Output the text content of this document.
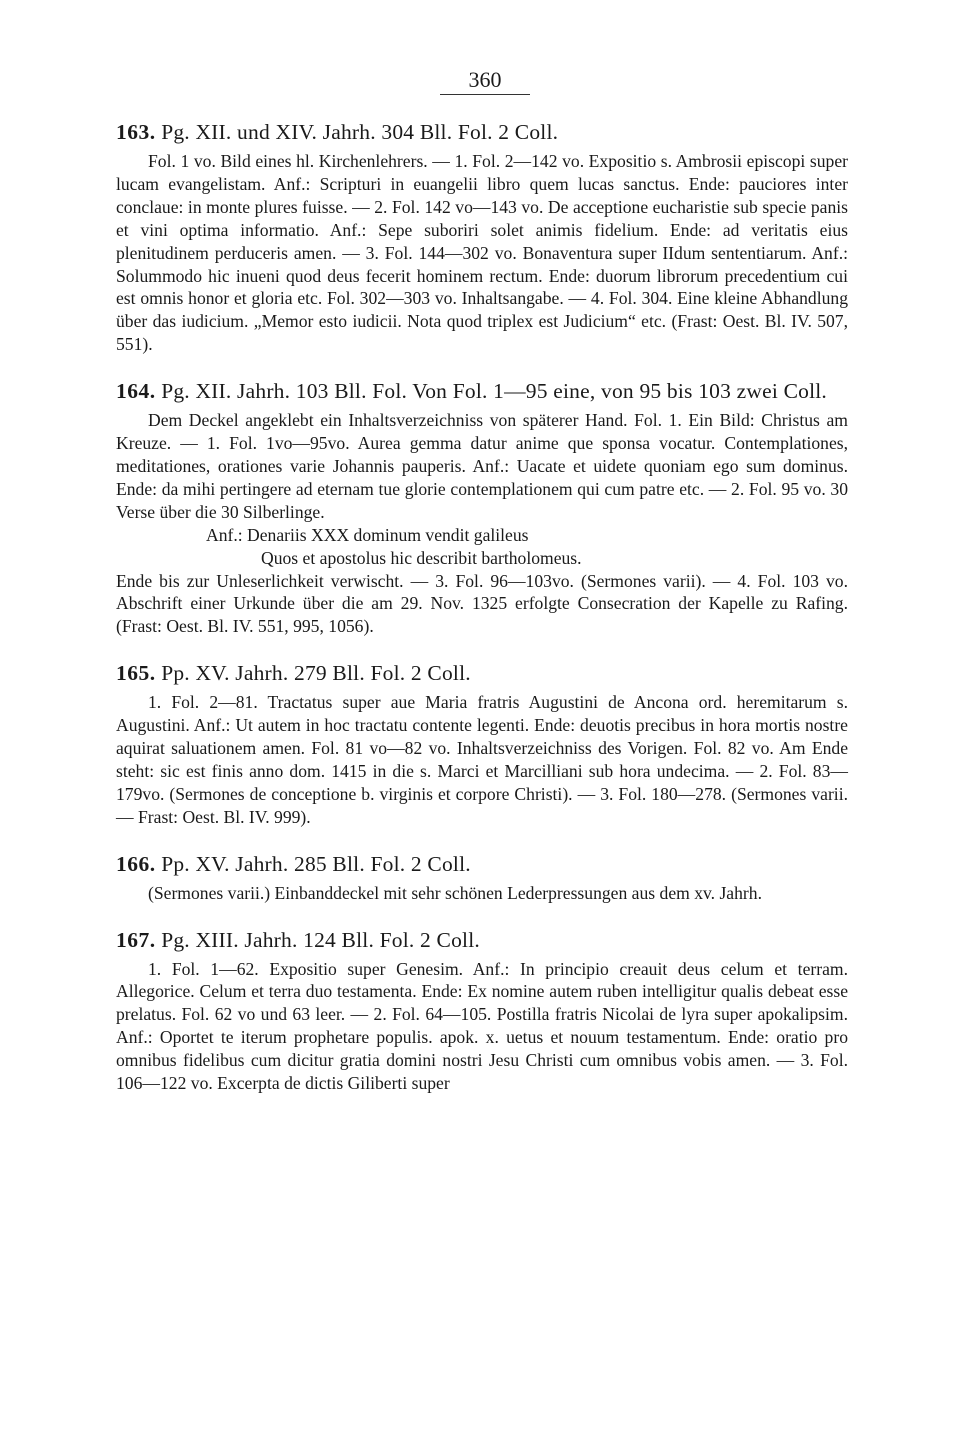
360

163. Pg. XII. und XIV. Jahrh. 304 Bll. Fol. 2 Coll.

Fol. 1 vo. Bild eines hl. Kirchenlehrers. — 1. Fol. 2—142 vo. Expositio s. Ambrosii episcopi super lucam evangelistam. Anf.: Scripturi in euangelii libro quem lucas sanctus. Ende: pauciores inter conclaue: in monte plures fuisse. — 2. Fol. 142 vo—143 vo. De acceptione eucharistie sub specie panis et vini optima informatio. Anf.: Sepe suboriri solet animis fidelium. Ende: ad veritatis eius plenitudinem perduceris amen. — 3. Fol. 144—302 vo. Bonaventura super IIdum sententiarum. Anf.: Solummodo hic inueni quod deus fecerit hominem rectum. Ende: duorum librorum precedentium cui est omnis honor et gloria etc. Fol. 302—303 vo. Inhaltsangabe. — 4. Fol. 304. Eine kleine Abhandlung über das iudicium. „Memor esto iudicii. Nota quod triplex est Judicium“ etc. (Frast: Oest. Bl. IV. 507, 551).

164. Pg. XII. Jahrh. 103 Bll. Fol. Von Fol. 1—95 eine, von 95 bis 103 zwei Coll.

Dem Deckel angeklebt ein Inhaltsverzeichniss von späterer Hand. Fol. 1. Ein Bild: Christus am Kreuze. — 1. Fol. 1vo—95vo. Aurea gemma datur anime que sponsa vocatur. Contemplationes, meditationes, orationes varie Johannis pauperis. Anf.: Uacate et uidete quoniam ego sum dominus. Ende: da mihi pertingere ad eternam tue glorie contemplationem qui cum patre etc. — 2. Fol. 95 vo. 30 Verse über die 30 Silberlinge.

Anf.: Denariis XXX dominum vendit galileus

Quos et apostolus hic describit bartholomeus.

Ende bis zur Unleserlichkeit verwischt. — 3. Fol. 96—103vo. (Sermones varii). — 4. Fol. 103 vo. Abschrift einer Urkunde über die am 29. Nov. 1325 erfolgte Consecration der Kapelle zu Rafing. (Frast: Oest. Bl. IV. 551, 995, 1056).

165. Pp. XV. Jahrh. 279 Bll. Fol. 2 Coll.

1. Fol. 2—81. Tractatus super aue Maria fratris Augustini de Ancona ord. heremitarum s. Augustini. Anf.: Ut autem in hoc tractatu contente legenti. Ende: deuotis precibus in hora mortis nostre aquirat saluationem amen. Fol. 81 vo—82 vo. Inhaltsverzeichniss des Vorigen. Fol. 82 vo. Am Ende steht: sic est finis anno dom. 1415 in die s. Marci et Marcilliani sub hora undecima. — 2. Fol. 83—179vo. (Sermones de conceptione b. virginis et corpore Christi). — 3. Fol. 180—278. (Sermones varii. — Frast: Oest. Bl. IV. 999).

166. Pp. XV. Jahrh. 285 Bll. Fol. 2 Coll.

(Sermones varii.) Einbanddeckel mit sehr schönen Lederpressungen aus dem xv. Jahrh.

167. Pg. XIII. Jahrh. 124 Bll. Fol. 2 Coll.

1. Fol. 1—62. Expositio super Genesim. Anf.: In principio creauit deus celum et terram. Allegorice. Celum et terra duo testamenta. Ende: Ex nomine autem ruben intelligitur qualis debeat esse prelatus. Fol. 62 vo und 63 leer. — 2. Fol. 64—105. Postilla fratris Nicolai de lyra super apokalipsim. Anf.: Oportet te iterum prophetare populis. apok. x. uetus et nouum testamentum. Ende: oratio pro omnibus fidelibus cum dicitur gratia domini nostri Jesu Christi cum omnibus vobis amen. — 3. Fol. 106—122 vo. Excerpta de dictis Giliberti super
